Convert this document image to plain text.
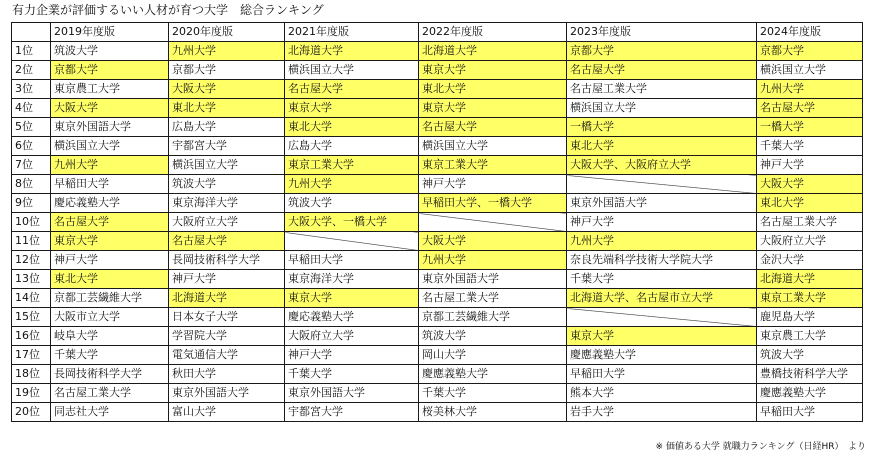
有力企業が評価するいい人材が育つ大学　総合ランキング
	2019年度版	2020年度版	2021年度版	2022年度版	2023年度版	2024年度版
1位	筑波大学	九州大学	北海道大学	北海道大学	京都大学	京都大学
2位	京都大学	京都大学	横浜国立大学	東京大学	名古屋大学	横浜国立大学
3位	東京農工大学	大阪大学	名古屋大学	東北大学	名古屋工業大学	九州大学
4位	大阪大学	東北大学	東京大学	東京大学	横浜国立大学	名古屋大学
5位	東京外国語大学	広島大学	東北大学	名古屋大学	一橋大学	一橋大学
6位	横浜国立大学	宇都宮大学	広島大学	横浜国立大学	東北大学	千葉大学
7位	九州大学	横浜国立大学	東京工業大学	東京工業大学	大阪大学、大阪府立大学	神戸大学
8位	早稲田大学	筑波大学	九州大学	神戸大学		大阪大学
9位	慶応義塾大学	東京海洋大学	筑波大学	早稲田大学、一橋大学	東京外国語大学	東北大学
10位	名古屋大学	大阪府立大学	大阪大学、一橋大学		神戸大学	名古屋工業大学
11位	東京大学	名古屋大学		大阪大学	九州大学	大阪府立大学
12位	神戸大学	長岡技術科学大学	早稲田大学	九州大学	奈良先端科学技術大学院大学	金沢大学
13位	東北大学	神戸大学	東京海洋大学	東京外国語大学	千葉大学	北海道大学
14位	京都工芸繊維大学	北海道大学	東京大学	名古屋工業大学	北海道大学、名古屋市立大学	東京工業大学
15位	大阪市立大学	日本女子大学	慶応義塾大学	京都工芸繊維大学		鹿児島大学
16位	岐阜大学	学習院大学	大阪府立大学	筑波大学	東京大学	東京農工大学
17位	千葉大学	電気通信大学	神戸大学	岡山大学	慶應義塾大学	筑波大学
18位	長岡技術科学大学	秋田大学	千葉大学	慶應義塾大学	早稲田大学	豊橋技術科学大学
19位	名古屋工業大学	東京外国語大学	東京外国語大学	千葉大学	熊本大学	慶應義塾大学
20位	同志社大学	富山大学	宇都宮大学	桜美林大学	岩手大学	早稲田大学
※ 価値ある大学 就職力ランキング（日経HR）　より
